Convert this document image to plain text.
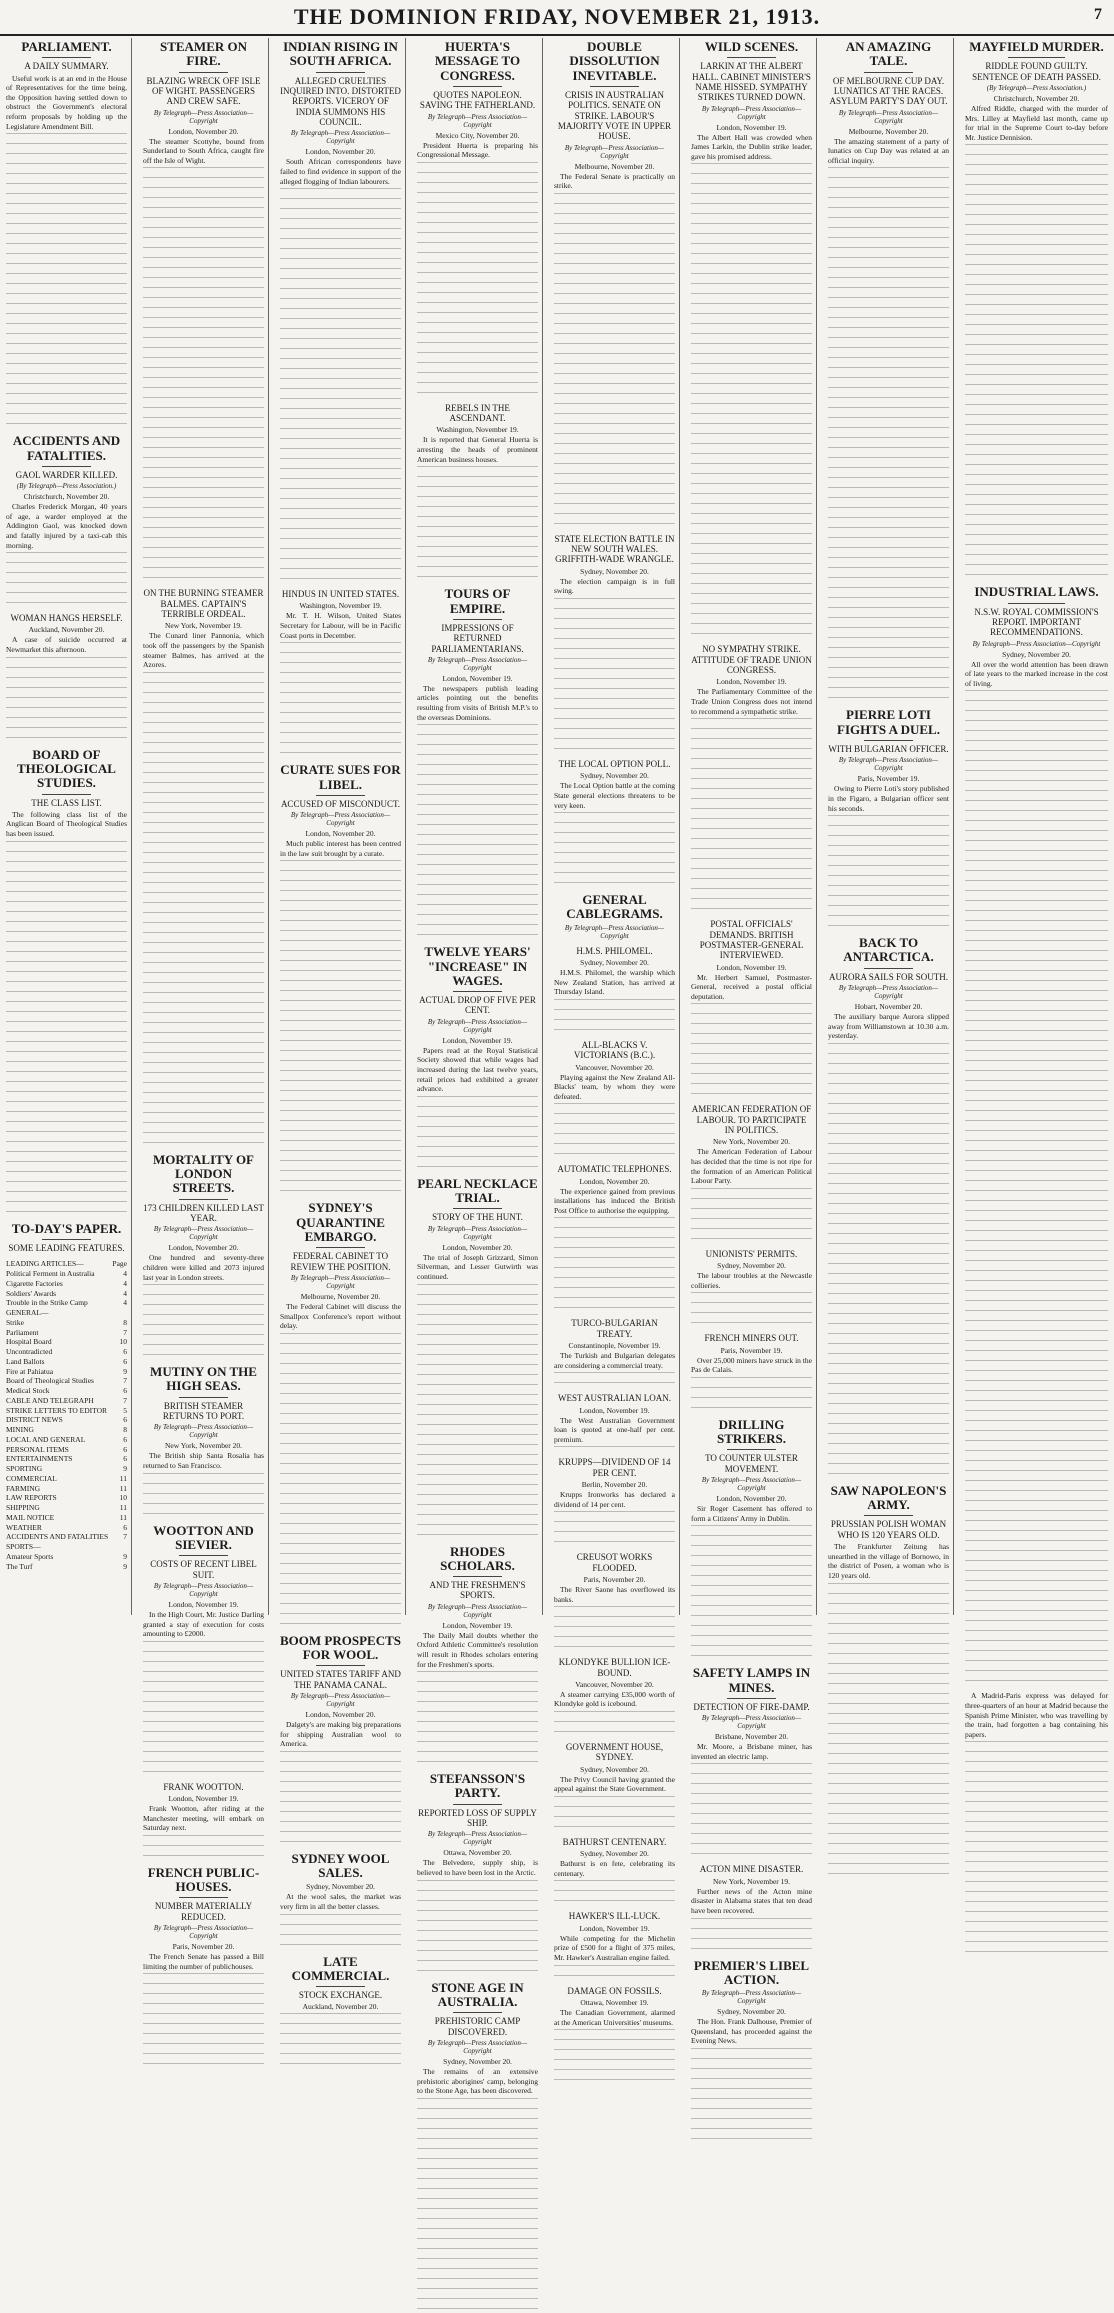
THE DOMINION FRIDAY, NOVEMBER 21, 1913.	7
PARLIAMENT.
A DAILY SUMMARY.

Useful work is at an end in the House of Representatives for the time being, the Opposition having settled down to obstruct the Government's electoral reform proposals by holding up the Legislature Amendment Bill.

ACCIDENTS AND FATALITIES.
GAOL WARDER KILLED.
(By Telegraph—Press Association.)
Christchurch, November 20.

Charles Frederick Morgan, 40 years of age, a warder employed at the Addington Gaol, was knocked down and fatally injured by a taxi-cab this morning.

WOMAN HANGS HERSELF.
Auckland, November 20.

A case of suicide occurred at Newmarket this afternoon.

BOARD OF THEOLOGICAL STUDIES.
THE CLASS LIST.

The following class list of the Anglican Board of Theological Studies has been issued.

TO-DAY'S PAPER.
SOME LEADING FEATURES.
LEADING ARTICLES—	Page
Political Ferment in Australia	4
Cigarette Factories	4
Soldiers' Awards	4
Trouble in the Strike Camp	4
GENERAL—
Strike	8
Parliament	7
Hospital Board	10
Uncontradicted	6
Land Ballots	6
Fire at Pahiatua	9
Board of Theological Studies	7
Medical Stock	6
CABLE AND TELEGRAPH	7
STRIKE LETTERS TO EDITOR 5
DISTRICT NEWS	6
MINING	8
LOCAL AND GENERAL	6
PERSONAL ITEMS	6
ENTERTAINMENTS	6
SPORTING	9
COMMERCIAL	11
FARMING	11
LAW REPORTS	10
SHIPPING	11
MAIL NOTICE	11
WEATHER	6
ACCIDENTS AND FATALITIES 7
SPORTS—
Amateur Sports	9
The Turf	9
STEAMER ON FIRE.
BLAZING WRECK OFF ISLE OF WIGHT. PASSENGERS AND CREW SAFE.
By Telegraph—Press Association—Copyright
London, November 20.

The steamer Scottyhe, bound from Sunderland to South Africa, caught fire off the Isle of Wight.

ON THE BURNING STEAMER BALMES. CAPTAIN'S TERRIBLE ORDEAL.
New York, November 19.

The Cunard liner Pannonia, which took off the passengers by the Spanish steamer Balmes, has arrived at the Azores.

MORTALITY OF LONDON STREETS.
173 CHILDREN KILLED LAST YEAR.
By Telegraph—Press Association—Copyright
London, November 20.

One hundred and seventy-three children were killed and 2073 injured last year in London streets.

MUTINY ON THE HIGH SEAS.
BRITISH STEAMER RETURNS TO PORT.
By Telegraph—Press Association—Copyright
New York, November 20.

The British ship Santa Rosalia has returned to San Francisco.

WOOTTON AND SIEVIER.
COSTS OF RECENT LIBEL SUIT.
By Telegraph—Press Association—Copyright
London, November 19.

In the High Court, Mr. Justice Darling granted a stay of execution for costs amounting to £2000.

FRANK WOOTTON.
London, November 19.

Frank Wootton, after riding at the Manchester meeting, will embark on Saturday next.

FRENCH PUBLIC-HOUSES.
NUMBER MATERIALLY REDUCED.
By Telegraph—Press Association—Copyright
Paris, November 20.

The French Senate has passed a Bill limiting the number of publichouses.

INDIAN RISING IN SOUTH AFRICA.
ALLEGED CRUELTIES INQUIRED INTO. DISTORTED REPORTS. VICEROY OF INDIA SUMMONS HIS COUNCIL.
By Telegraph—Press Association—Copyright
London, November 20.

South African correspondents have failed to find evidence in support of the alleged flogging of Indian labourers.

HINDUS IN UNITED STATES.
Washington, November 19.

Mr. T. H. Wilson, United States Secretary for Labour, will be in Pacific Coast ports in December.

CURATE SUES FOR LIBEL.
ACCUSED OF MISCONDUCT.
By Telegraph—Press Association—Copyright
London, November 20.

Much public interest has been centred in the law suit brought by a curate.

SYDNEY'S QUARANTINE EMBARGO.
FEDERAL CABINET TO REVIEW THE POSITION.
By Telegraph—Press Association—Copyright
Melbourne, November 20.

The Federal Cabinet will discuss the Smallpox Conference's report without delay.

BOOM PROSPECTS FOR WOOL.
UNITED STATES TARIFF AND THE PANAMA CANAL.
By Telegraph—Press Association—Copyright
London, November 20.

Dalgety's are making big preparations for shipping Australian wool to America.

SYDNEY WOOL SALES.
Sydney, November 20.

At the wool sales, the market was very firm in all the better classes.

LATE COMMERCIAL.
STOCK EXCHANGE.
Auckland, November 20.
HUERTA'S MESSAGE TO CONGRESS.
QUOTES NAPOLEON. SAVING THE FATHERLAND.
By Telegraph—Press Association—Copyright
Mexico City, November 20.

President Huerta is preparing his Congressional Message.

REBELS IN THE ASCENDANT.
Washington, November 19.

It is reported that General Huerta is arresting the heads of prominent American business houses.

TOURS OF EMPIRE.
IMPRESSIONS OF RETURNED PARLIAMENTARIANS.
By Telegraph—Press Association—Copyright
London, November 19.

The newspapers publish leading articles pointing out the benefits resulting from visits of British M.P.'s to the overseas Dominions.

TWELVE YEARS' "INCREASE" IN WAGES.
ACTUAL DROP OF FIVE PER CENT.
By Telegraph—Press Association—Copyright
London, November 19.

Papers read at the Royal Statistical Society showed that while wages had increased during the last twelve years, retail prices had exhibited a greater advance.

PEARL NECKLACE TRIAL.
STORY OF THE HUNT.
By Telegraph—Press Association—Copyright
London, November 20.

The trial of Joseph Grizzard, Simon Silverman, and Lesser Gutwirth was continued.

RHODES SCHOLARS.
AND THE FRESHMEN'S SPORTS.
By Telegraph—Press Association—Copyright
London, November 19.

The Daily Mail doubts whether the Oxford Athletic Committee's resolution will result in Rhodes scholars entering for the Freshmen's sports.

STEFANSSON'S PARTY.
REPORTED LOSS OF SUPPLY SHIP.
By Telegraph—Press Association—Copyright
Ottawa, November 20.

The Belvedere, supply ship, is believed to have been lost in the Arctic.

STONE AGE IN AUSTRALIA.
PREHISTORIC CAMP DISCOVERED.
By Telegraph—Press Association—Copyright
Sydney, November 20.

The remains of an extensive prehistoric aborigines' camp, belonging to the Stone Age, has been discovered.

DOUBLE DISSOLUTION INEVITABLE.
CRISIS IN AUSTRALIAN POLITICS. SENATE ON STRIKE. LABOUR'S MAJORITY VOTE IN UPPER HOUSE.
By Telegraph—Press Association—Copyright
Melbourne, November 20.

The Federal Senate is practically on strike.

STATE ELECTION BATTLE IN NEW SOUTH WALES. GRIFFITH-WADE WRANGLE.
Sydney, November 20.

The election campaign is in full swing.

THE LOCAL OPTION POLL.
Sydney, November 20.

The Local Option battle at the coming State general elections threatens to be very keen.

GENERAL CABLEGRAMS.
By Telegraph—Press Association—Copyright
H.M.S. PHILOMEL.
Sydney, November 20.

H.M.S. Philomel, the warship which New Zealand Station, has arrived at Thursday Island.

ALL-BLACKS V. VICTORIANS (B.C.).
Vancouver, November 20.

Playing against the New Zealand All-Blacks' team, by whom they were defeated.

AUTOMATIC TELEPHONES.
London, November 20.

The experience gained from previous installations has induced the British Post Office to authorise the equipping.

TURCO-BULGARIAN TREATY.
Constantinople, November 19.

The Turkish and Bulgarian delegates are considering a commercial treaty.

WEST AUSTRALIAN LOAN.
London, November 19.

The West Australian Government loan is quoted at one-half per cent. premium.

KRUPPS—DIVIDEND OF 14 PER CENT.
Berlin, November 20.

Krupps Ironworks has declared a dividend of 14 per cent.

CREUSOT WORKS FLOODED.
Paris, November 20.

The River Saone has overflowed its banks.

KLONDYKE BULLION ICE-BOUND.
Vancouver, November 20.

A steamer carrying £35,000 worth of Klondyke gold is icebound.

GOVERNMENT HOUSE, SYDNEY.
Sydney, November 20.

The Privy Council having granted the appeal against the State Government.

BATHURST CENTENARY.
Sydney, November 20.

Bathurst is en fete, celebrating its centenary.

HAWKER'S ILL-LUCK.
London, November 19.

While competing for the Michelin prize of £500 for a flight of 375 miles, Mr. Hawker's Australian engine failed.

DAMAGE ON FOSSILS.
Ottawa, November 19.

The Canadian Government, alarmed at the American Universities' museums.

WILD SCENES.
LARKIN AT THE ALBERT HALL. CABINET MINISTER'S NAME HISSED. SYMPATHY STRIKES TURNED DOWN.
By Telegraph—Press Association—Copyright
London, November 19.

The Albert Hall was crowded when James Larkin, the Dublin strike leader, gave his promised address.

NO SYMPATHY STRIKE. ATTITUDE OF TRADE UNION CONGRESS.
London, November 19.

The Parliamentary Committee of the Trade Union Congress does not intend to recommend a sympathetic strike.

POSTAL OFFICIALS' DEMANDS. BRITISH POSTMASTER-GENERAL INTERVIEWED.
London, November 19.

Mr. Herbert Samuel, Postmaster-General, received a postal official deputation.

AMERICAN FEDERATION OF LABOUR. TO PARTICIPATE IN POLITICS.
New York, November 20.

The American Federation of Labour has decided that the time is not ripe for the formation of an American Political Labour Party.

UNIONISTS' PERMITS.
Sydney, November 20.

The labour troubles at the Newcastle collieries.

FRENCH MINERS OUT.
Paris, November 19.

Over 25,000 miners have struck in the Pas de Calais.

DRILLING STRIKERS.
TO COUNTER ULSTER MOVEMENT.
By Telegraph—Press Association—Copyright
London, November 20.

Sir Roger Casement has offered to form a Citizens' Army in Dublin.

SAFETY LAMPS IN MINES.
DETECTION OF FIRE-DAMP.
By Telegraph—Press Association—Copyright
Brisbane, November 20.

Mr. Moore, a Brisbane miner, has invented an electric lamp.

ACTON MINE DISASTER.
New York, November 19.

Further news of the Acton mine disaster in Alabama states that ten dead have been recovered.

PREMIER'S LIBEL ACTION.
By Telegraph—Press Association—Copyright
Sydney, November 20.

The Hon. Frank Dalhouse, Premier of Queensland, has proceeded against the Evening News.

AN AMAZING TALE.
OF MELBOURNE CUP DAY. LUNATICS AT THE RACES. ASYLUM PARTY'S DAY OUT.
By Telegraph—Press Association—Copyright
Melbourne, November 20.

The amazing statement of a party of lunatics on Cup Day was related at an official inquiry.

PIERRE LOTI FIGHTS A DUEL.
WITH BULGARIAN OFFICER.
By Telegraph—Press Association—Copyright
Paris, November 19.

Owing to Pierre Loti's story published in the Figaro, a Bulgarian officer sent his seconds.

BACK TO ANTARCTICA.
AURORA SAILS FOR SOUTH.
By Telegraph—Press Association—Copyright
Hobart, November 20.

The auxiliary barque Aurora slipped away from Williamstown at 10.30 a.m. yesterday.

SAW NAPOLEON'S ARMY.
PRUSSIAN POLISH WOMAN WHO IS 120 YEARS OLD.

The Frankfurter Zeitung has unearthed in the village of Bornowo, in the district of Posen, a woman who is 120 years old.

MAYFIELD MURDER.
RIDDLE FOUND GUILTY. SENTENCE OF DEATH PASSED.
(By Telegraph—Press Association.)
Christchurch, November 20.

Alfred Riddle, charged with the murder of Mrs. Lilley at Mayfield last month, came up for trial in the Supreme Court to-day before Mr. Justice Dennision.

INDUSTRIAL LAWS.
N.S.W. ROYAL COMMISSION'S REPORT. IMPORTANT RECOMMENDATIONS.
By Telegraph—Press Association—Copyright
Sydney, November 20.

All over the world attention has been drawn of late years to the marked increase in the cost of living.

A Madrid-Paris express was delayed for three-quarters of an hour at Madrid because the Spanish Prime Minister, who was travelling by the train, had forgotten a bag containing his papers.
